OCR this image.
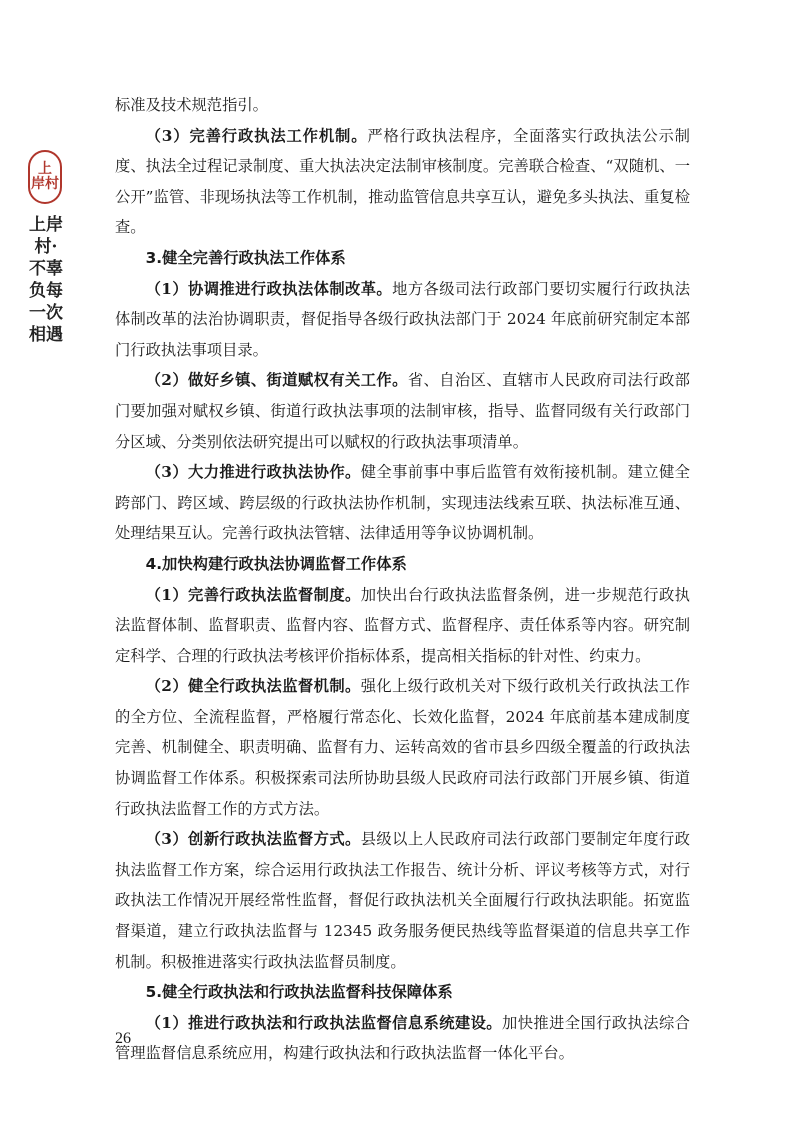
上
岸村
上岸村·不辜负每一次相遇

标准及技术规范指引。

（3）完善行政执法工作机制。严格行政执法程序，全面落实行政执法公示制度、执法全过程记录制度、重大执法决定法制审核制度。完善联合检查、“双随机、一公开”监管、非现场执法等工作机制，推动监管信息共享互认，避免多头执法、重复检查。

3.健全完善行政执法工作体系

（1）协调推进行政执法体制改革。地方各级司法行政部门要切实履行行政执法体制改革的法治协调职责，督促指导各级行政执法部门于 2024 年底前研究制定本部门行政执法事项目录。

（2）做好乡镇、街道赋权有关工作。省、自治区、直辖市人民政府司法行政部门要加强对赋权乡镇、街道行政执法事项的法制审核，指导、监督同级有关行政部门分区域、分类别依法研究提出可以赋权的行政执法事项清单。

（3）大力推进行政执法协作。健全事前事中事后监管有效衔接机制。建立健全跨部门、跨区域、跨层级的行政执法协作机制，实现违法线索互联、执法标准互通、处理结果互认。完善行政执法管辖、法律适用等争议协调机制。

4.加快构建行政执法协调监督工作体系

（1）完善行政执法监督制度。加快出台行政执法监督条例，进一步规范行政执法监督体制、监督职责、监督内容、监督方式、监督程序、责任体系等内容。研究制定科学、合理的行政执法考核评价指标体系，提高相关指标的针对性、约束力。

（2）健全行政执法监督机制。强化上级行政机关对下级行政机关行政执法工作的全方位、全流程监督，严格履行常态化、长效化监督，2024 年底前基本建成制度完善、机制健全、职责明确、监督有力、运转高效的省市县乡四级全覆盖的行政执法协调监督工作体系。积极探索司法所协助县级人民政府司法行政部门开展乡镇、街道行政执法监督工作的方式方法。

（3）创新行政执法监督方式。县级以上人民政府司法行政部门要制定年度行政执法监督工作方案，综合运用行政执法工作报告、统计分析、评议考核等方式，对行政执法工作情况开展经常性监督，督促行政执法机关全面履行行政执法职能。拓宽监督渠道，建立行政执法监督与 12345 政务服务便民热线等监督渠道的信息共享工作机制。积极推进落实行政执法监督员制度。

5.健全行政执法和行政执法监督科技保障体系

（1）推进行政执法和行政执法监督信息系统建设。加快推进全国行政执法综合管理监督信息系统应用，构建行政执法和行政执法监督一体化平台。

26
